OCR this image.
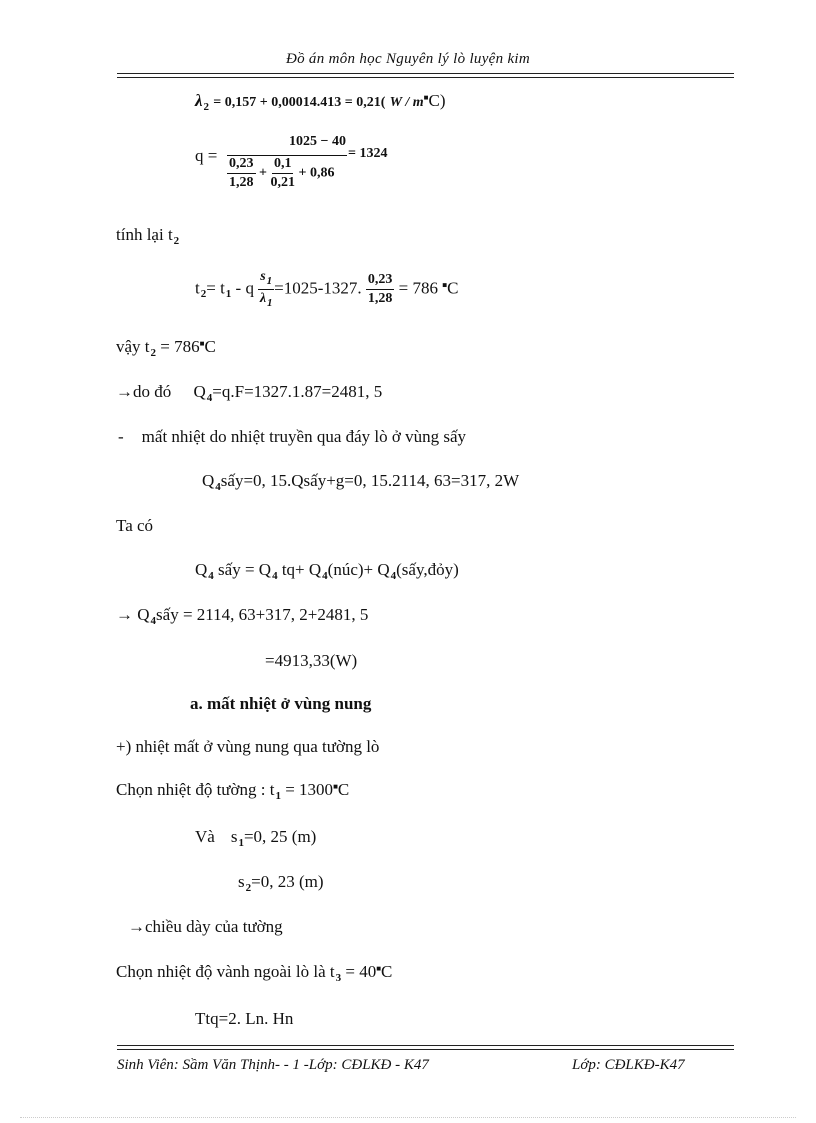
Đồ án môn học Nguyên lý lò luyện kim
$\lambda_2 = 0,157 + 0,00014.413 = 0,21$( W / m■C)
q =
1025 − 40
$\frac{0,23}{1,28} + \frac{0,1}{0,21} + 0,86$
= 1324
tính lại $t_2$
$t_2= t_1 - q \frac{s_1}{\lambda_1} =1025-1327$. $\frac{0,23}{1,28} = 786$ ■C
vậy $t_2 = 786^■C$
→do đó $Q_4=q.F=1327.1.87=2481$, 5
- mất nhiệt do nhiệt truyền qua đáy lò ở vùng sấy
$Q_4sấy=0$, 15.Qsấy+g=0, 15.2114, 63=317, 2W
Ta có
$Q_4$ sấy = $Q_4$ $tq+ Q_4(núc)+$ $Q_4(sấy,đỏy)$
→ $Q_4sấy = 2114$, 63+317, 2+2481, 5
=4913,33(W)
a. mất nhiệt ở vùng nung
+) nhiệt mất ở vùng nung qua tường lò
Chọn nhiệt độ tường : $t_1 = 1300^■C$
Và $s_1=0$, 25 (m)
$s_2=0$, 23 (m)
→chiều dày của tường
Chọn nhiệt độ vành ngoài lò là $t_3 = 40^■C$
Ttq=2. Ln. Hn
Sinh Viên: Sầm Văn Thịnh- - 1 -Lớp: CĐLKĐ - K47	Lớp: CĐLKĐ-K47
